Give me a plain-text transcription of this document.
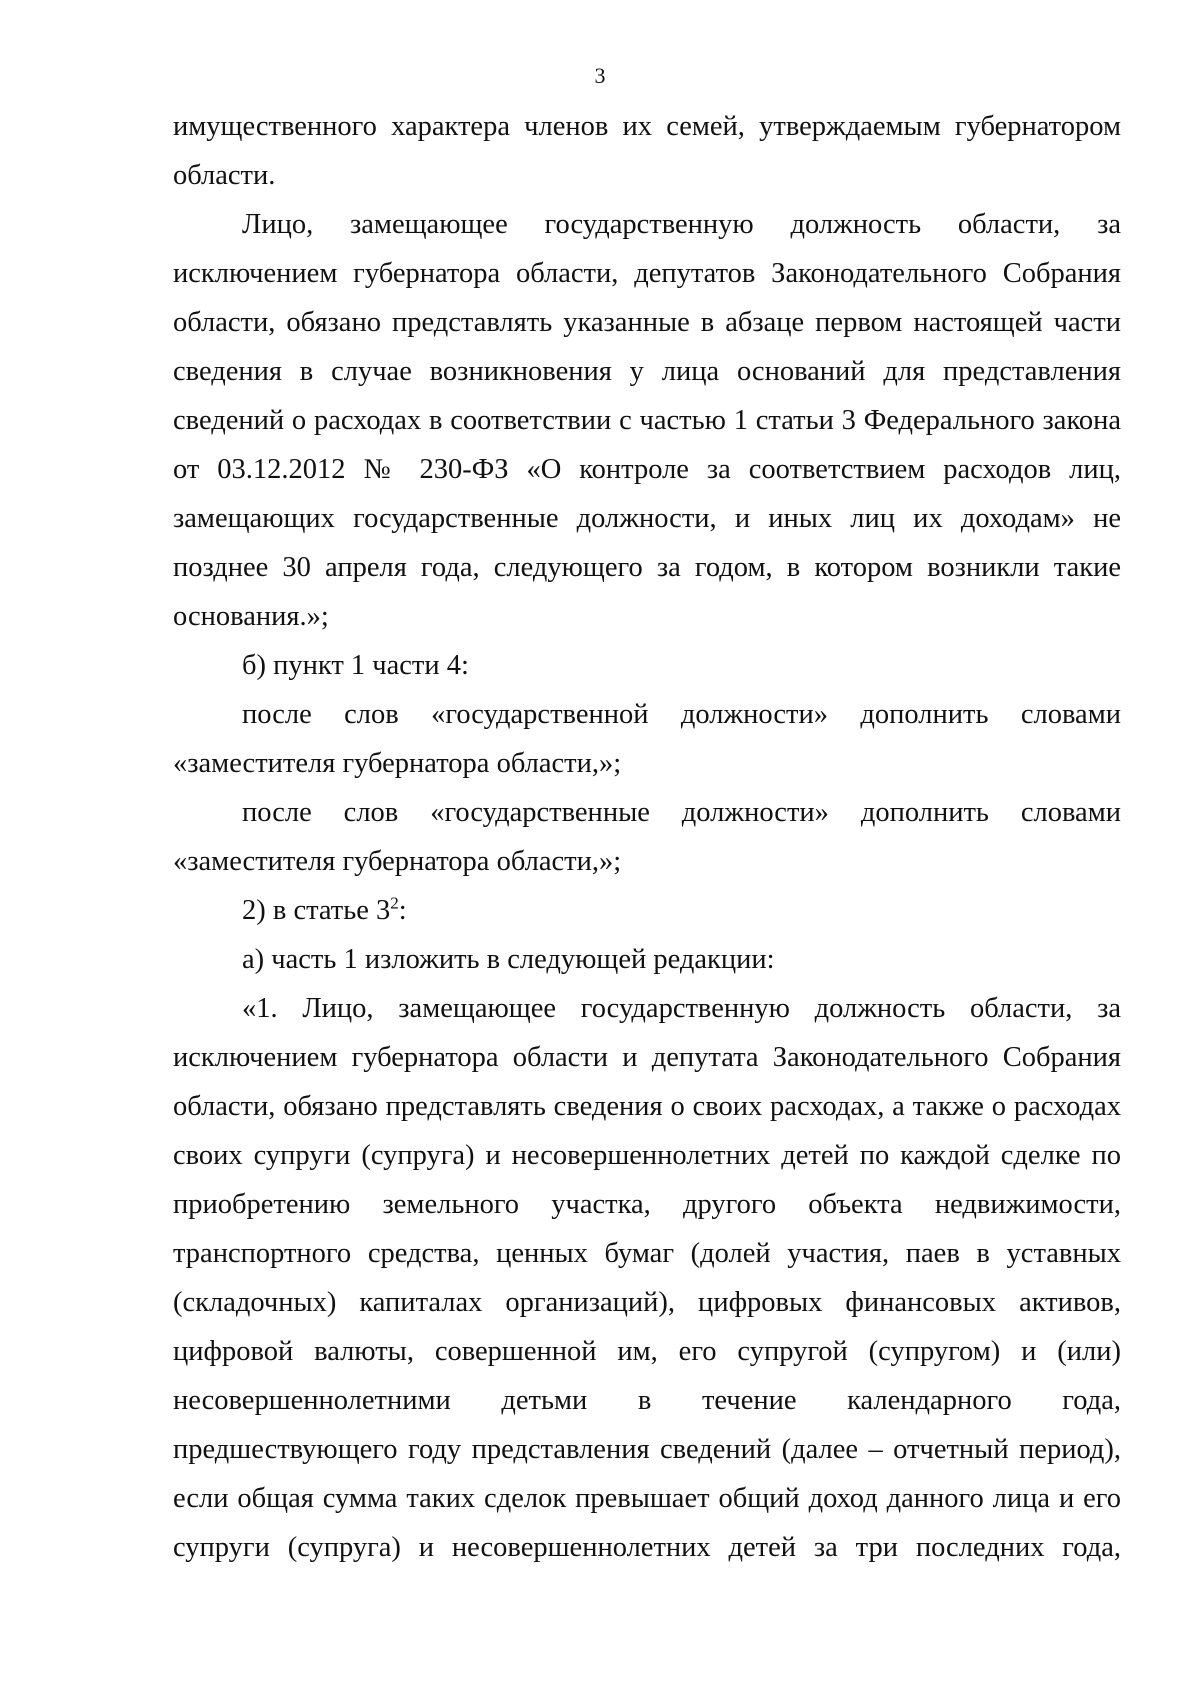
3

имущественного характера членов их семей, утверждаемым губернатором области.

Лицо, замещающее государственную должность области, за исключением губернатора области, депутатов Законодательного Собрания области, обязано представлять указанные в абзаце первом настоящей части сведения в случае возникновения у лица оснований для представления сведений о расходах в соответствии с частью 1 статьи 3 Федерального закона от 03.12.2012 № 230-ФЗ «О контроле за соответствием расходов лиц, замещающих государственные должности, и иных лиц их доходам» не позднее 30 апреля года, следующего за годом, в котором возникли такие основания.»;

б) пункт 1 части 4:

после слов «государственной должности» дополнить словами «заместителя губернатора области,»;

после слов «государственные должности» дополнить словами «заместителя губернатора области,»;

2) в статье $3^2$:

а) часть 1 изложить в следующей редакции:

«1. Лицо, замещающее государственную должность области, за исключением губернатора области и депутата Законодательного Собрания области, обязано представлять сведения о своих расходах, а также о расходах своих супруги (супруга) и несовершеннолетних детей по каждой сделке по приобретению земельного участка, другого объекта недвижимости, транспортного средства, ценных бумаг (долей участия, паев в уставных (складочных) капиталах организаций), цифровых финансовых активов, цифровой валюты, совершенной им, его супругой (супругом) и (или) несовершеннолетними детьми в течение календарного года, предшествующего году представления сведений (далее – отчетный период), если общая сумма таких сделок превышает общий доход данного лица и его супруги (супруга) и несовершеннолетних детей за три последних года,
